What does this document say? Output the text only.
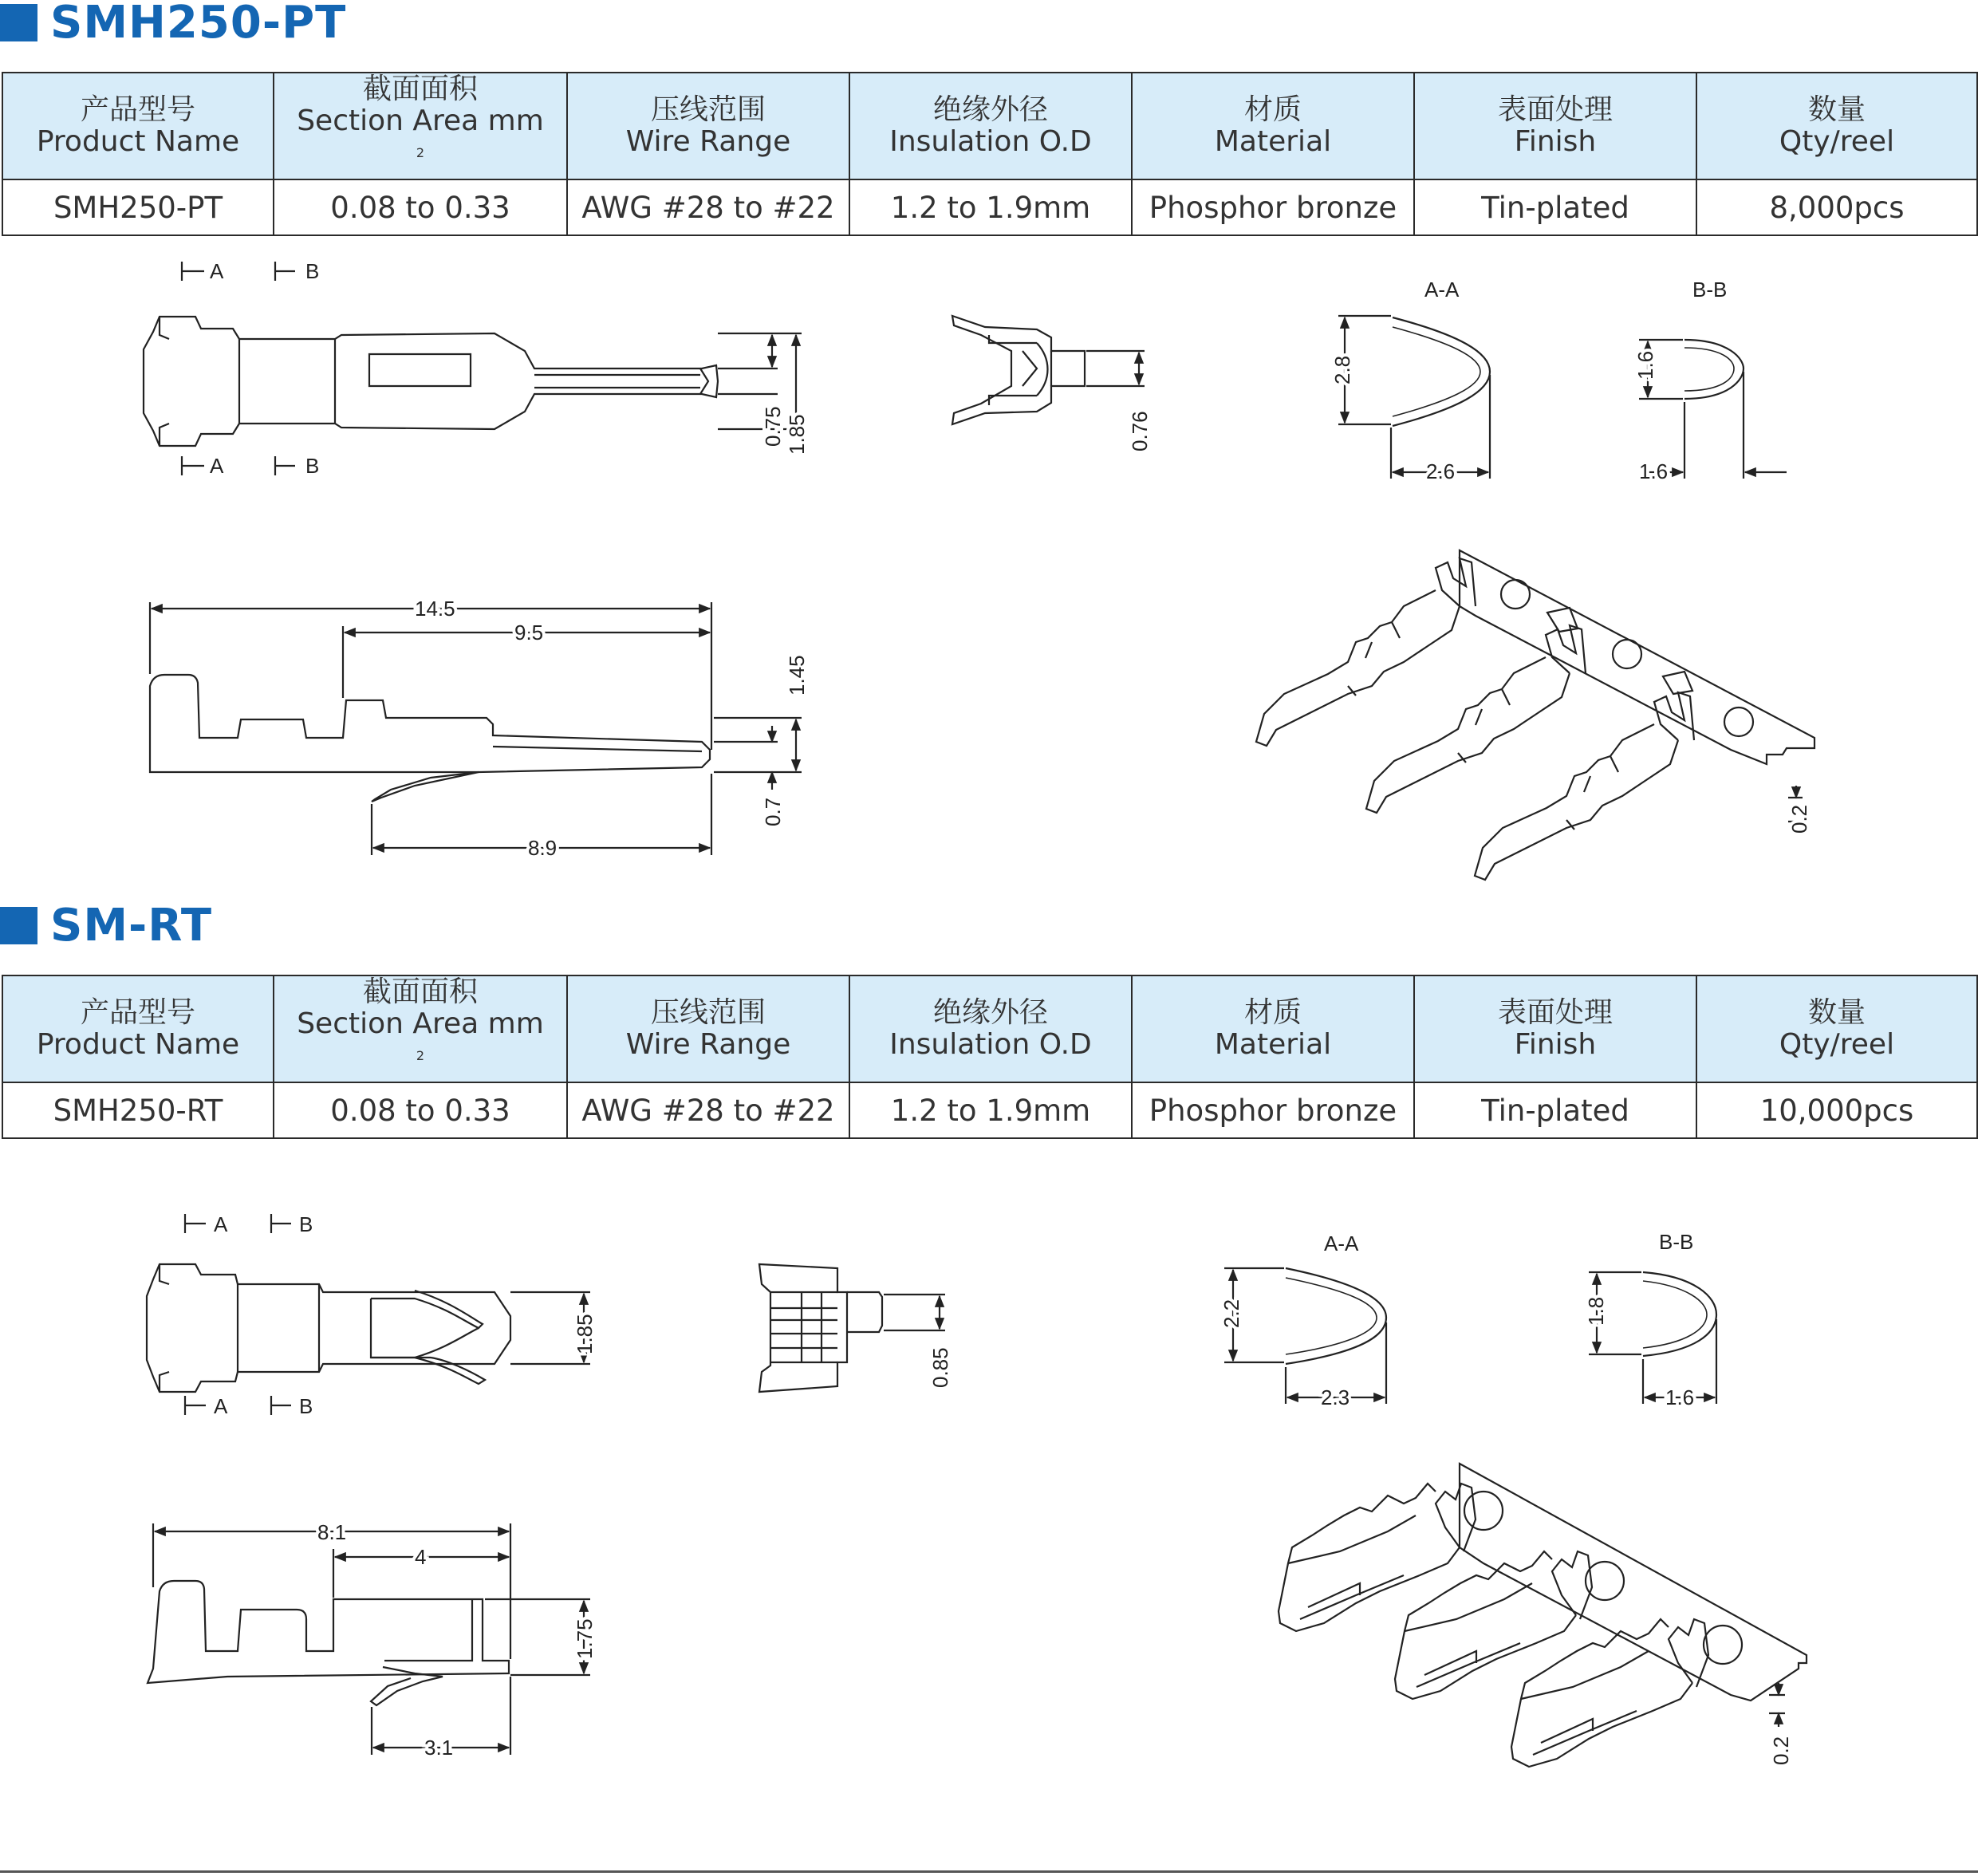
SMH250-PT
产品型号
Product Name	截面面积
Section Area mm
$^2$	压线范围
Wire Range	绝缘外径
Insulation O.D	材质
Material	表面处理
Finish	数量
Qty/reel

SMH250-PT	0.08 to 0.33	AWG #28 to #22	1.2 to 1.9mm	Phosphor bronze	Tin-plated	8,000pcs
SM-RT
产品型号
Product Name	截面面积
Section Area mm
$^2$	压线范围
Wire Range	绝缘外径
Insulation O.D	材质
Material	表面处理
Finish	数量
Qty/reel

SMH250-RT	0.08 to 0.33	AWG #28 to #22	1.2 to 1.9mm	Phosphor bronze	Tin-plated	10,000pcs
A	B
A	B
A-A	B-B
A	B
A	B
A-A	B-B
0.75 1.85	0.76
2.8
2.6
1.6
1.6
14.5
9.5
1.45
0.7
8.9
0.2
1.85
0.85
2.2
2.3
1.8
1.6
8.1
4
1.75
3.1	0.2
